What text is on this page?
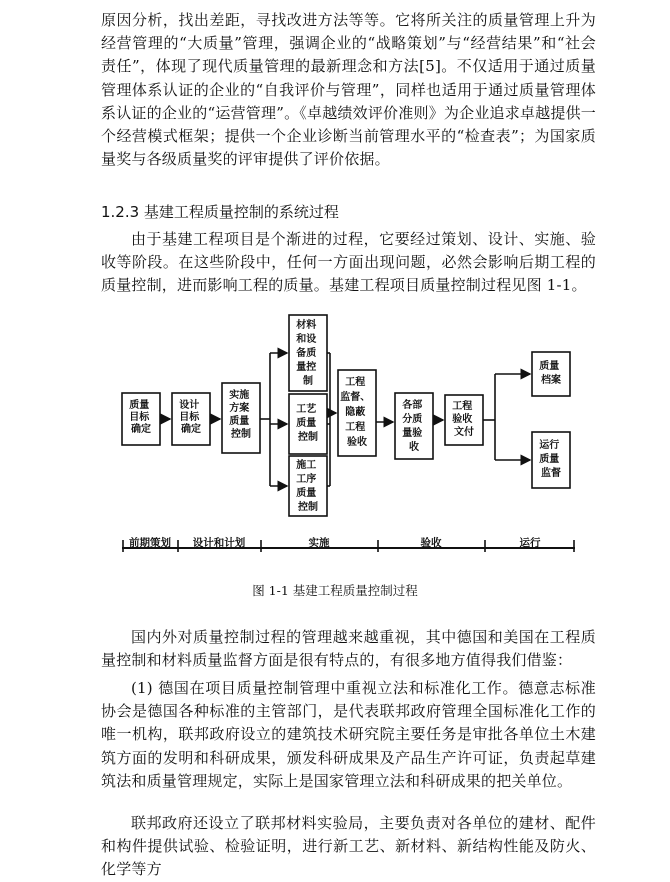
原因分析，找出差距，寻找改进方法等等。它将所关注的质量管理上升为经营管理的“大质量”管理，强调企业的“战略策划”与“经营结果”和“社会责任”，体现了现代质量管理的最新理念和方法[5]。不仅适用于通过质量管理体系认证的企业的“自我评价与管理”，同样也适用于通过质量管理体系认证的企业的“运营管理”。《卓越绩效评价准则》为企业追求卓越提供一个经营模式框架；提供一个企业诊断当前管理水平的“检查表”；为国家质量奖与各级质量奖的评审提供了评价依据。

1.2.3 基建工程质量控制的系统过程

由于基建工程项目是个渐进的过程，它要经过策划、设计、实施、验收等阶段。在这些阶段中，任何一方面出现问题，必然会影响后期工程的质量控制，进而影响工程的质量。基建工程项目质量控制过程见图 1-1。

质量 目标 确定
设计 目标 确定
实施 方案 质量 控制
材料 和设 备质 量控 制
工艺 质量 控制
施工 工序 质量 控制
工程 监督、 隐蔽 工程 验收
各部 分质 量验 收
工程 验收 文付
质量 档案
运行 质量 监督
前期策划 设计和计划	实施	验收	运行

图 1-1 基建工程质量控制过程

国内外对质量控制过程的管理越来越重视，其中德国和美国在工程质量控制和材料质量监督方面是很有特点的，有很多地方值得我们借鉴：

(1) 德国在项目质量控制管理中重视立法和标准化工作。德意志标准协会是德国各种标准的主管部门，是代表联邦政府管理全国标准化工作的唯一机构，联邦政府设立的建筑技术研究院主要任务是审批各单位土木建筑方面的发明和科研成果，颁发科研成果及产品生产许可证，负责起草建筑法和质量管理规定，实际上是国家管理立法和科研成果的把关单位。

联邦政府还设立了联邦材料实验局，主要负责对各单位的建材、配件和构件提供试验、检验证明，进行新工艺、新材料、新结构性能及防火、化学等方
